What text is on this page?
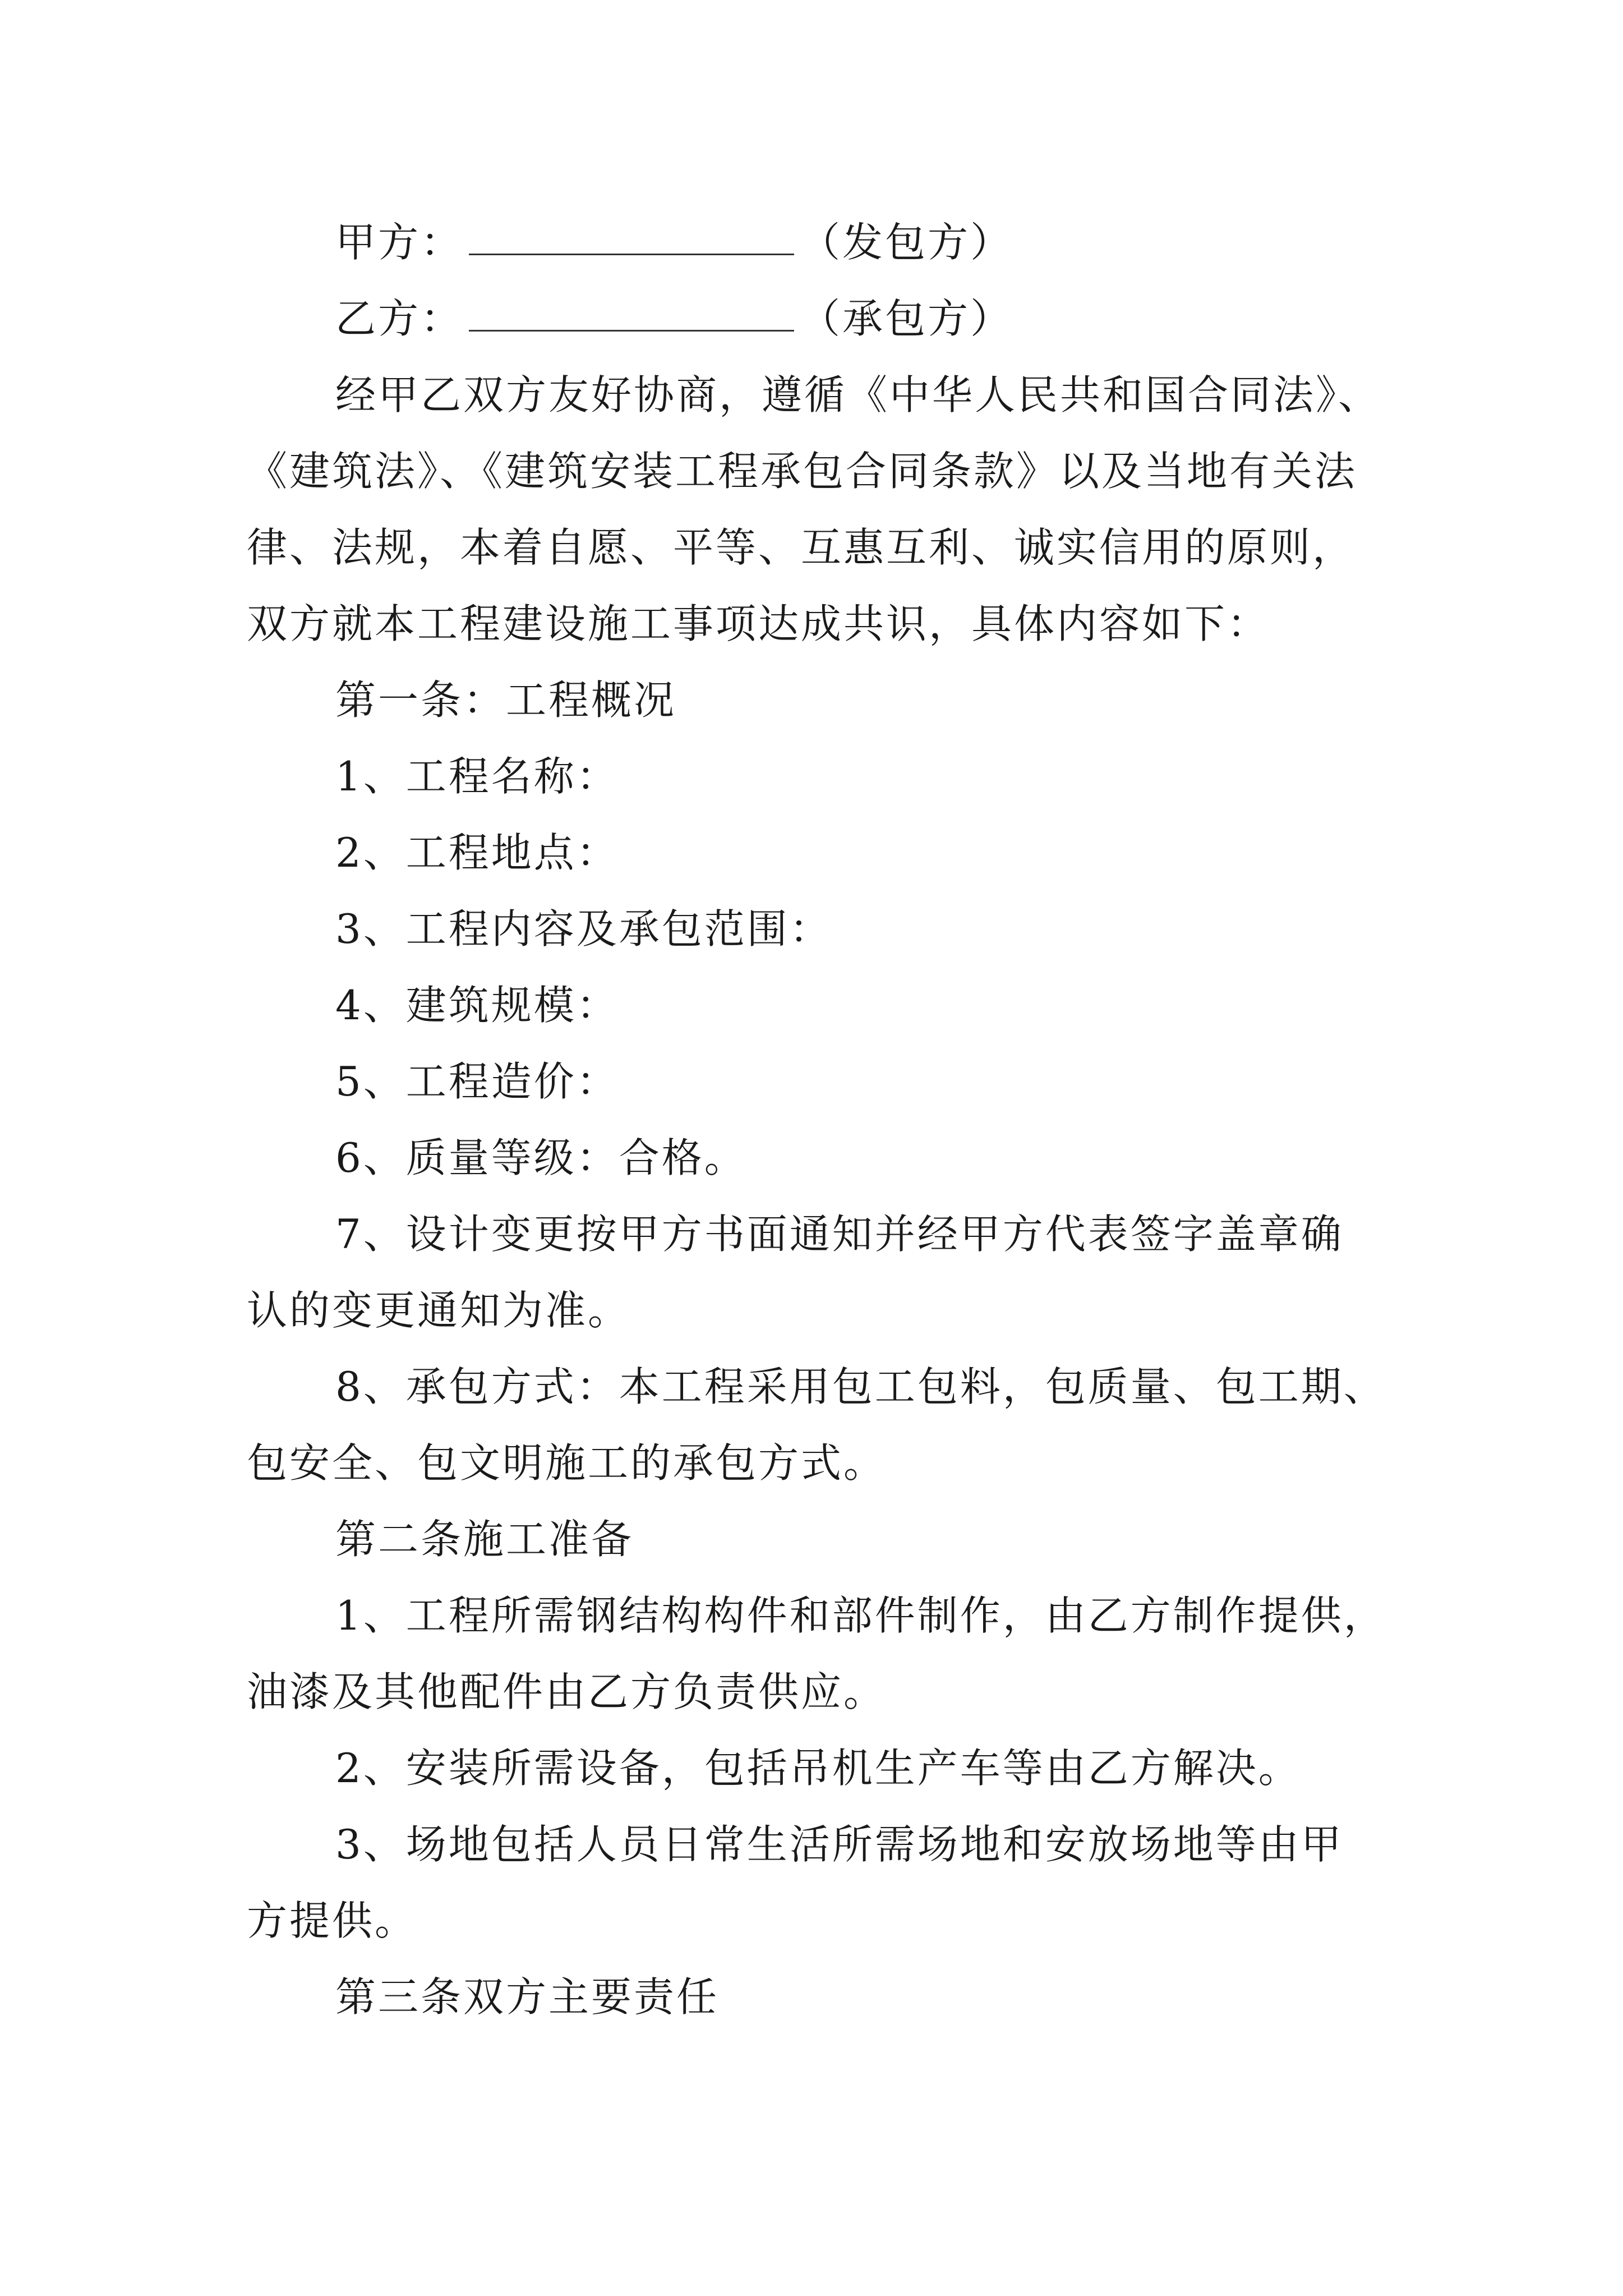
甲方：	（发包方）
乙方：	（承包方）
经甲乙双方友好协商，遵循《中华人民共和国合同法》、
《建筑法》、《建筑安装工程承包合同条款》以及当地有关法
律、法规，本着自愿、平等、互惠互利、诚实信用的原则，
双方就本工程建设施工事项达成共识，具体内容如下：
第一条：工程概况
1、工程名称：
2、工程地点：
3、工程内容及承包范围：
4、建筑规模：
5、工程造价：
6、质量等级：合格。
7、设计变更按甲方书面通知并经甲方代表签字盖章确
认的变更通知为准。
8、承包方式：本工程采用包工包料，包质量、包工期、
包安全、包文明施工的承包方式。
第二条施工准备
1、工程所需钢结构构件和部件制作，由乙方制作提供，
油漆及其他配件由乙方负责供应。
2、安装所需设备，包括吊机生产车等由乙方解决。
3、场地包括人员日常生活所需场地和安放场地等由甲
方提供。
第三条双方主要责任
